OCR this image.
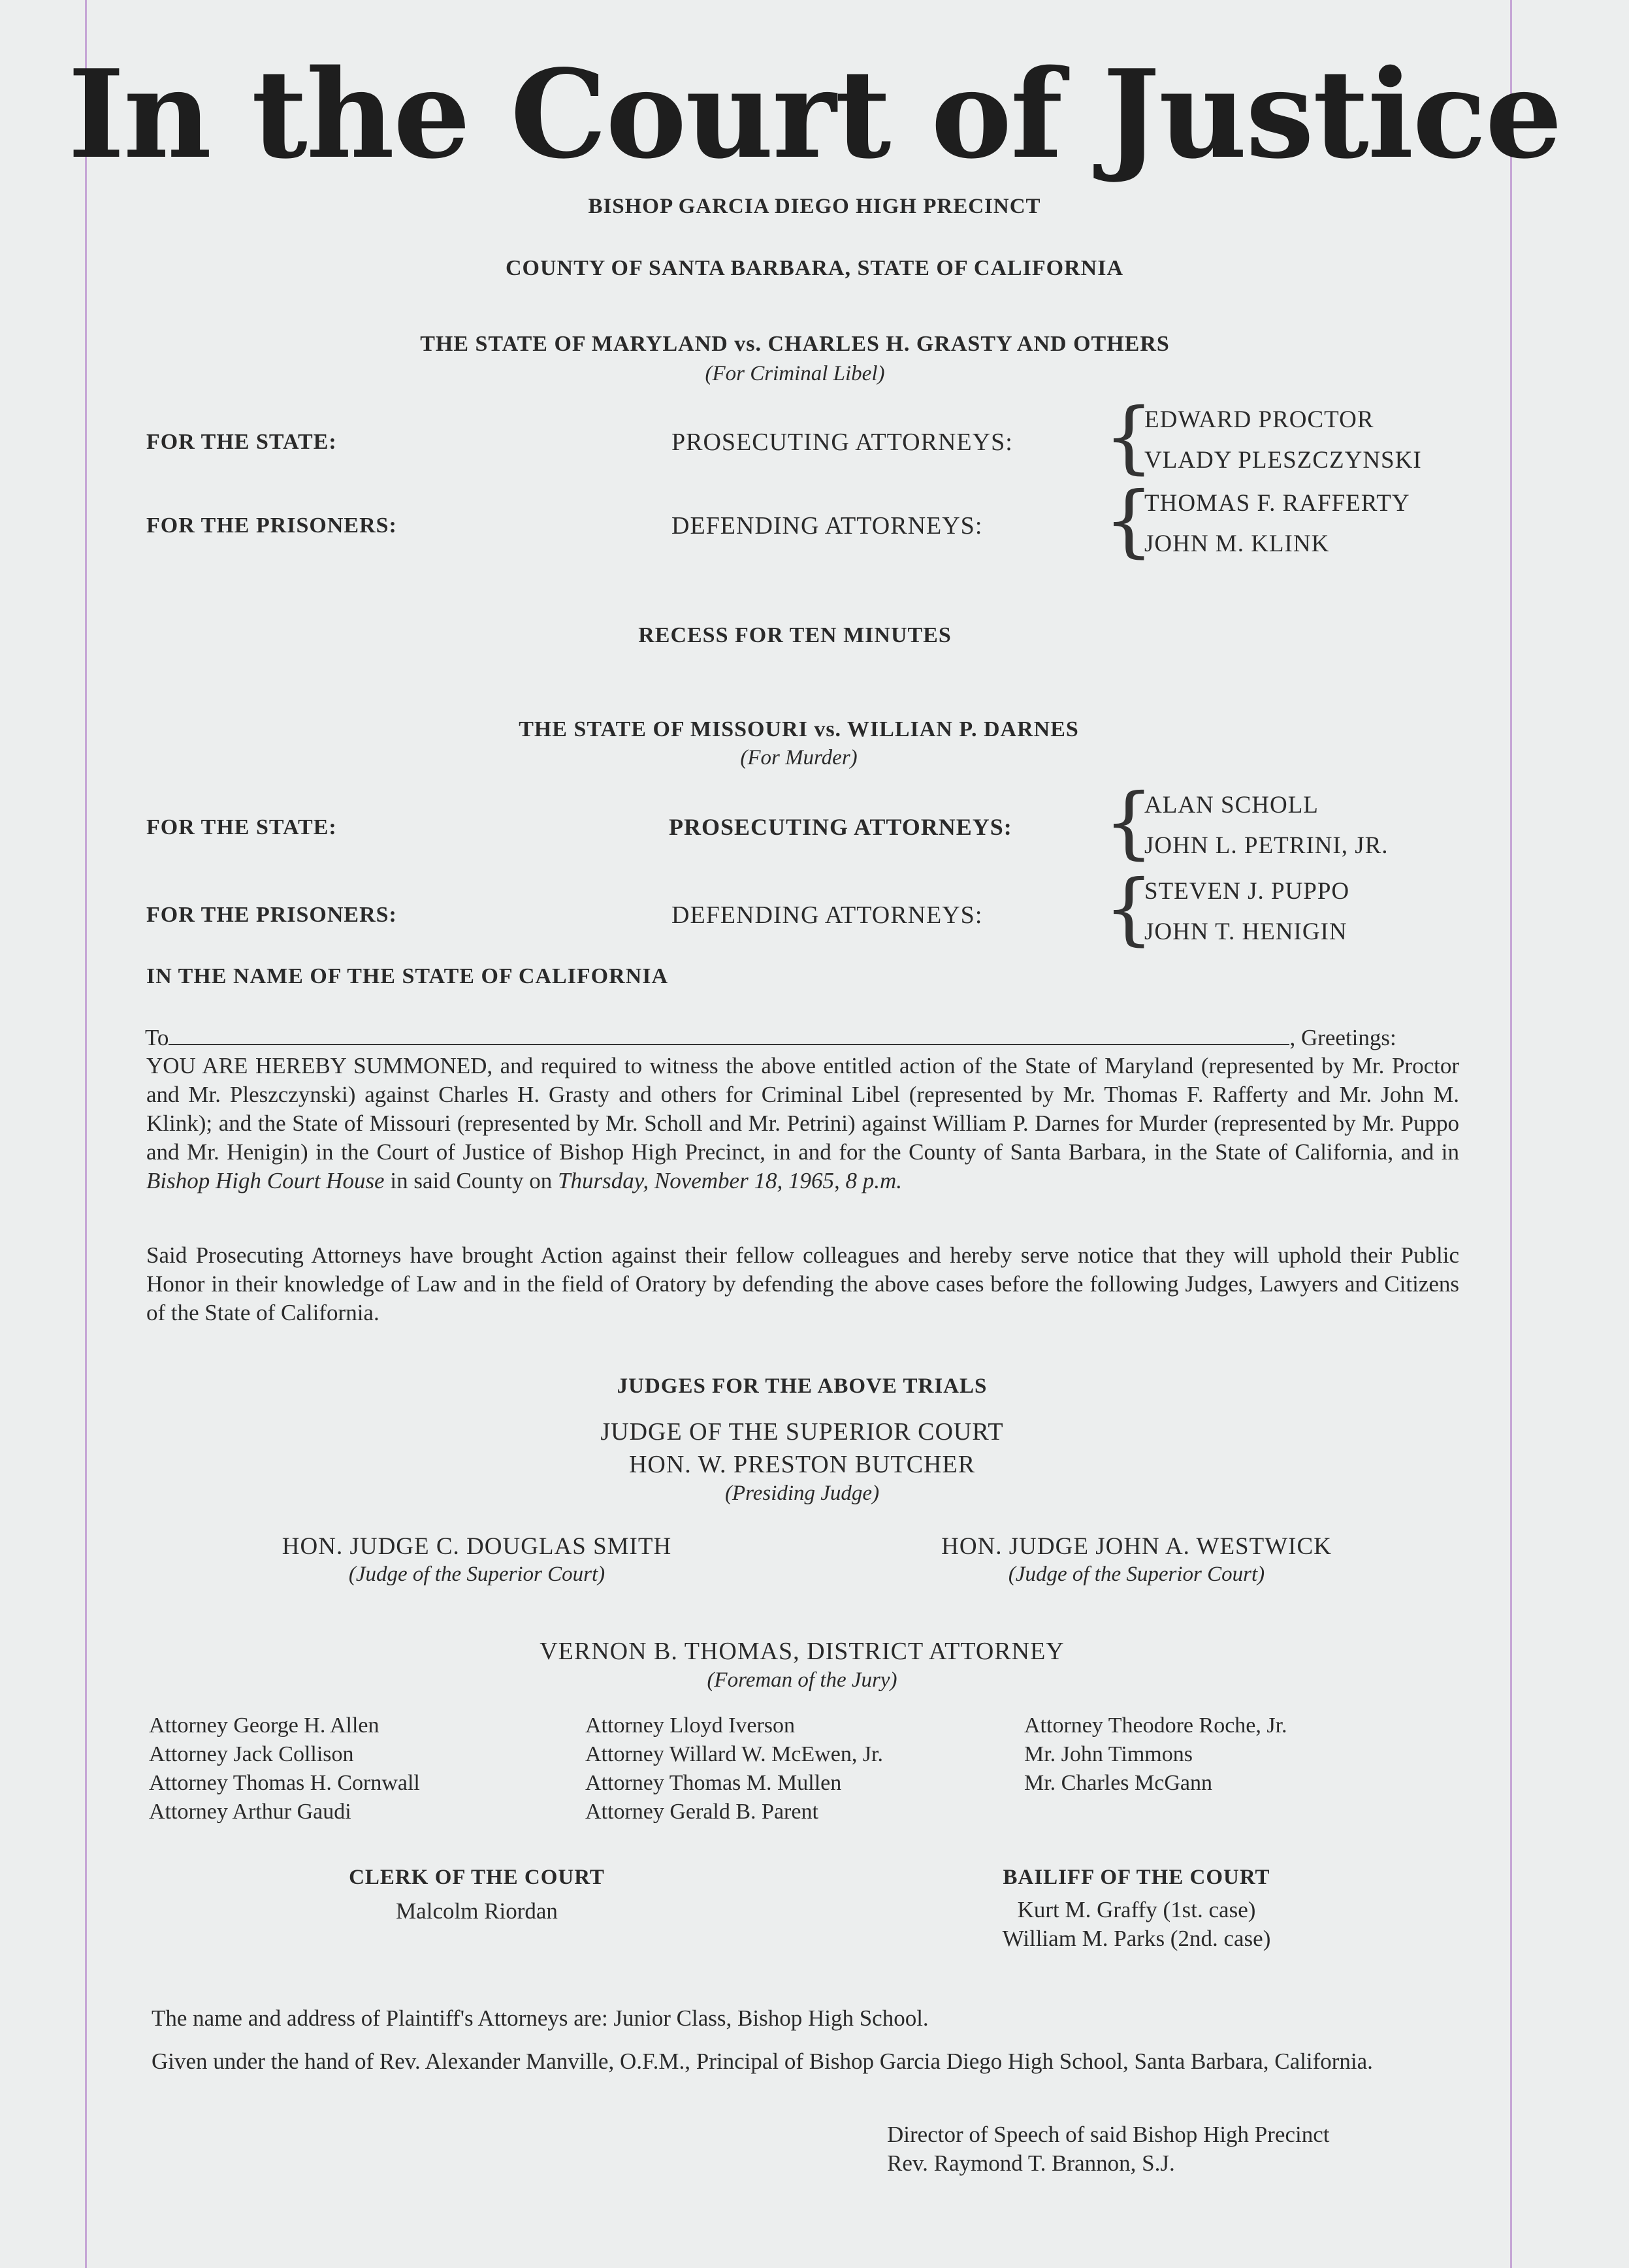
In the Court of Justice
BISHOP GARCIA DIEGO HIGH PRECINCT
COUNTY OF SANTA BARBARA, STATE OF CALIFORNIA
THE STATE OF MARYLAND vs. CHARLES H. GRASTY AND OTHERS
(For Criminal Libel)
FOR THE STATE:	PROSECUTING ATTORNEYS: {
EDWARD PROCTOR
VLADY PLESZCZYNSKI
FOR THE PRISONERS:	DEFENDING ATTORNEYS: {
THOMAS F. RAFFERTY
JOHN M. KLINK
RECESS FOR TEN MINUTES
THE STATE OF MISSOURI vs. WILLIAN P. DARNES
(For Murder)
FOR THE STATE:	PROSECUTING ATTORNEYS: {
ALAN SCHOLL
JOHN L. PETRINI, JR.
FOR THE PRISONERS:	DEFENDING ATTORNEYS: {
STEVEN J. PUPPO
JOHN T. HENIGIN
IN THE NAME OF THE STATE OF CALIFORNIA
To	, Greetings:
YOU ARE HEREBY SUMMONED, and required to witness the above entitled action of the State of Maryland (represented by Mr. Proctor and Mr. Pleszczynski) against Charles H. Grasty and others for Criminal Libel (represented by Mr. Thomas F. Rafferty and Mr. John M. Klink); and the State of Missouri (represented by Mr. Scholl and Mr. Petrini) against William P. Darnes for Murder (represented by Mr. Puppo and Mr. Henigin) in the Court of Justice of Bishop High Precinct, in and for the County of Santa Barbara, in the State of California, and in Bishop High Court House in said County on Thursday, November 18, 1965, 8 p.m.
Said Prosecuting Attorneys have brought Action against their fellow colleagues and hereby serve notice that they will uphold their Public Honor in their knowledge of Law and in the field of Oratory by defending the above cases before the following Judges, Lawyers and Citizens of the State of California.
JUDGES FOR THE ABOVE TRIALS
JUDGE OF THE SUPERIOR COURT
HON. W. PRESTON BUTCHER
(Presiding Judge)
HON. JUDGE C. DOUGLAS SMITH
(Judge of the Superior Court)
HON. JUDGE JOHN A. WESTWICK
(Judge of the Superior Court)
VERNON B. THOMAS, DISTRICT ATTORNEY
(Foreman of the Jury)
Attorney George H. Allen
Attorney Jack Collison
Attorney Thomas H. Cornwall
Attorney Arthur Gaudi
Attorney Lloyd Iverson
Attorney Willard W. McEwen, Jr.
Attorney Thomas M. Mullen
Attorney Gerald B. Parent
Attorney Theodore Roche, Jr.
Mr. John Timmons
Mr. Charles McGann
CLERK OF THE COURT
Malcolm Riordan
BAILIFF OF THE COURT
Kurt M. Graffy (1st. case)
William M. Parks (2nd. case)
The name and address of Plaintiff's Attorneys are: Junior Class, Bishop High School.
Given under the hand of Rev. Alexander Manville, O.F.M., Principal of Bishop Garcia Diego High School, Santa Barbara, California.
Director of Speech of said Bishop High Precinct
Rev. Raymond T. Brannon, S.J.
